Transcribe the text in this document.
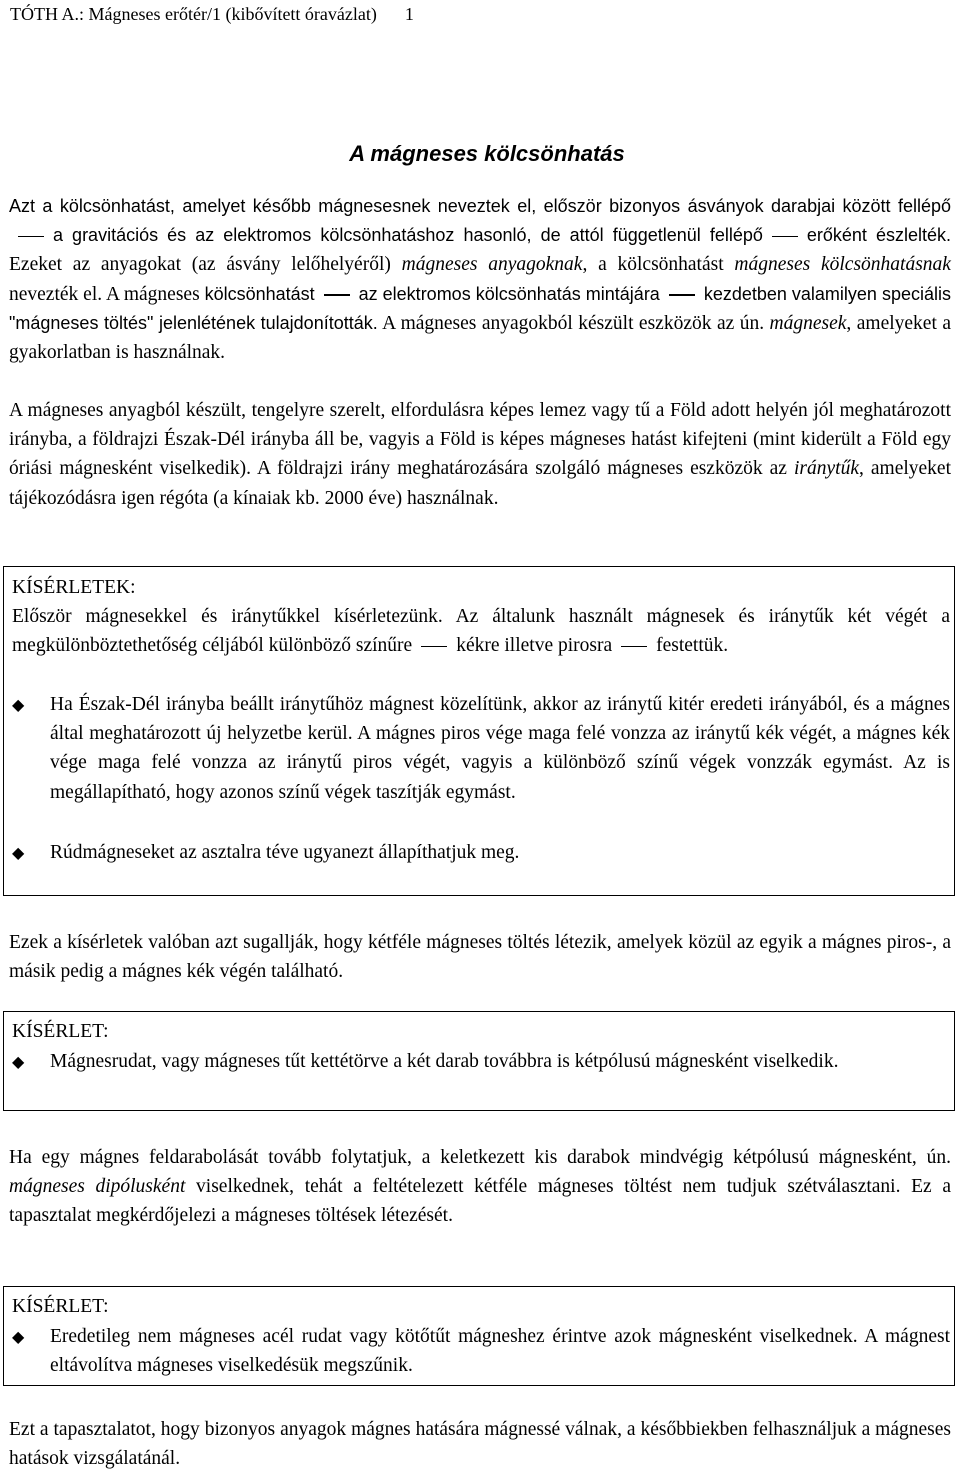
TÓTH A.: Mágneses erőtér/1 (kibővített óravázlat) 1
A mágneses kölcsönhatás

Azt a kölcsönhatást, amelyet később mágnesesnek neveztek el, először bizonyos ásványok darabjai között fellépőa gravitációs és az elektromos kölcsönhatáshoz hasonló, de attól függetlenül fellépő erőként észlelték. Ezeket az anyagokat (az ásvány lelőhelyéről) mágneses anyagoknak, a kölcsönhatást mágneses kölcsönhatásnak nevezték el. A mágneses kölcsönhatást az elektromos kölcsönhatás mintájára kezdetben valamilyen speciális "mágneses töltés" jelenlétének tulajdonították. A mágneses anyagokból készült eszközök az ún. mágnesek, amelyeket a gyakorlatban is használnak.

A mágneses anyagból készült, tengelyre szerelt, elfordulásra képes lemez vagy tű a Föld adott helyén jól meghatározott irányba, a földrajzi Észak-Dél irányba áll be, vagyis a Föld is képes mágneses hatást kifejteni (mint kiderült a Föld egy óriási mágnesként viselkedik). A földrajzi irány meghatározására szolgáló mágneses eszközök az iránytűk, amelyeket tájékozódásra igen régóta (a kínaiak kb. 2000 éve) használnak.

KÍSÉRLETEK:
Először mágnesekkel és iránytűkkel kísérletezünk. Az általunk használt mágnesek és iránytűk két végét a megkülönböztethetőség céljából különböző színűre kékre illetve pirosra festettük.
◆ Ha Észak-Dél irányba beállt iránytűhöz mágnest közelítünk, akkor az iránytű kitér eredeti irányából, és a mágnes által meghatározott új helyzetbe kerül. A mágnes piros vége maga felé vonzza az iránytű kék végét, a mágnes kék vége maga felé vonzza az iránytű piros végét, vagyis a különböző színű végek vonzzák egymást. Az is megállapítható, hogy azonos színű végek taszítják egymást.
◆ Rúdmágneseket az asztalra téve ugyanezt állapíthatjuk meg.

Ezek a kísérletek valóban azt sugallják, hogy kétféle mágneses töltés létezik, amelyek közül az egyik a mágnes piros-, a másik pedig a mágnes kék végén található.

KÍSÉRLET:
◆ Mágnesrudat, vagy mágneses tűt kettétörve a két darab továbbra is kétpólusú mágnesként viselkedik.

Ha egy mágnes feldarabolását tovább folytatjuk, a keletkezett kis darabok mindvégig kétpólusú mágnesként, ún. mágneses dipólusként viselkednek, tehát a feltételezett kétféle mágneses töltést nem tudjuk szétválasztani. Ez a tapasztalat megkérdőjelezi a mágneses töltések létezését.

KÍSÉRLET:
◆ Eredetileg nem mágneses acél rudat vagy kötőtűt mágneshez érintve azok mágnesként viselkednek. A mágnest eltávolítva mágneses viselkedésük megszűnik.

Ezt a tapasztalatot, hogy bizonyos anyagok mágnes hatására mágnessé válnak, a későbbiekben felhasználjuk a mágneses hatások vizsgálatánál.
